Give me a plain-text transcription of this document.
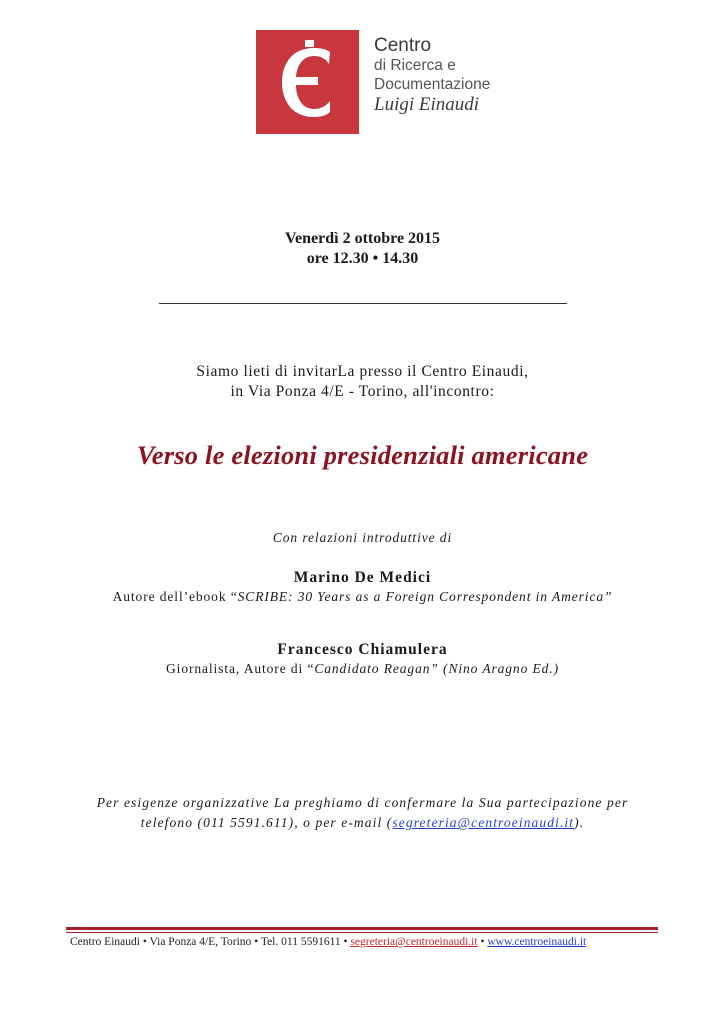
Centro
di Ricerca e
Documentazione
Luigi Einaudi
Venerdì 2 ottobre 2015
ore 12.30 • 14.30
Siamo lieti di invitarLa presso il Centro Einaudi,
in Via Ponza 4/E - Torino, all'incontro:
Verso le elezioni presidenziali americane
Con relazioni introduttive di
Marino De Medici
Autore dell’ebook “SCRIBE: 30 Years as a Foreign Correspondent in America”
Francesco Chiamulera
Giornalista, Autore di “Candidato Reagan” (Nino Aragno Ed.)
Per esigenze organizzative La preghiamo di confermare la Sua partecipazione per
telefono (011 5591.611), o per e-mail (segreteria@centroeinaudi.it).
Centro Einaudi • Via Ponza 4/E, Torino • Tel. 011 5591611 • segreteria@centroeinaudi.it • www.centroeinaudi.it
